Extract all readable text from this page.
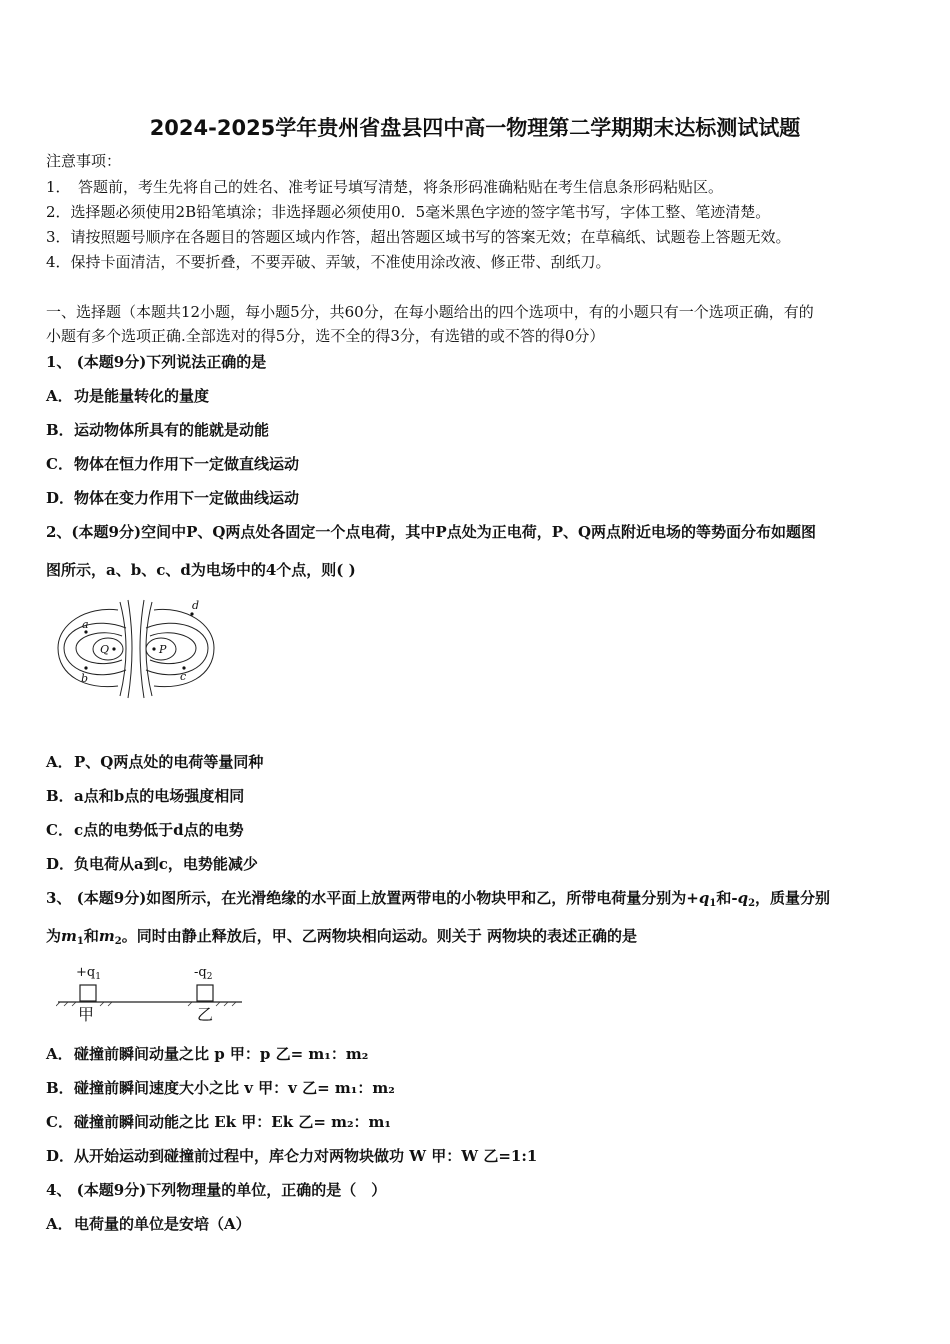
2024-2025学年贵州省盘县四中高一物理第二学期期末达标测试试题
注意事项：
1．　答题前，考生先将自己的姓名、准考证号填写清楚，将条形码准确粘贴在考生信息条形码粘贴区。
2．选择题必须使用2B铅笔填涂；非选择题必须使用0．5毫米黑色字迹的签字笔书写，字体工整、笔迹清楚。
3．请按照题号顺序在各题目的答题区域内作答，超出答题区域书写的答案无效；在草稿纸、试题卷上答题无效。
4．保持卡面清洁，不要折叠，不要弄破、弄皱，不准使用涂改液、修正带、刮纸刀。
一、选择题（本题共12小题，每小题5分，共60分，在每小题给出的四个选项中，有的小题只有一个选项正确，有的
小题有多个选项正确.全部选对的得5分，选不全的得3分，有选错的或不答的得0分）
1、 (本题9分)下列说法正确的是
A．功是能量转化的量度
B．运动物体所具有的能就是动能
C．物体在恒力作用下一定做直线运动
D．物体在变力作用下一定做曲线运动
2、(本题9分)空间中P、Q两点处各固定一个点电荷，其中P点处为正电荷，P、Q两点附近电场的等势面分布如题图
图所示，a、b、c、d为电场中的4个点，则( )
a
b	c
d
Q	P
A．P、Q两点处的电荷等量同种
B．a点和b点的电场强度相同
C．c点的电势低于d点的电势
D．负电荷从a到c，电势能减少
3、 (本题9分)如图所示，在光滑绝缘的水平面上放置两带电的小物块甲和乙，所带电荷量分别为$+q_1$和$-q_2$，质量分别
为$m_1$和$m_2$。同时由静止释放后，甲、乙两物块相向运动。则关于 两物块的表述正确的是
$+q_1$	$-q_2$
甲	乙
A．碰撞前瞬间动量之比 p 甲：p 乙= m₁：m₂
B．碰撞前瞬间速度大小之比 v 甲：v 乙= m₁：m₂
C．碰撞前瞬间动能之比 Ek 甲：Ek 乙= m₂：m₁
D．从开始运动到碰撞前过程中，库仑力对两物块做功 W 甲：W 乙=1:1
4、 (本题9分)下列物理量的单位，正确的是（　）
A．电荷量的单位是安培（A）
